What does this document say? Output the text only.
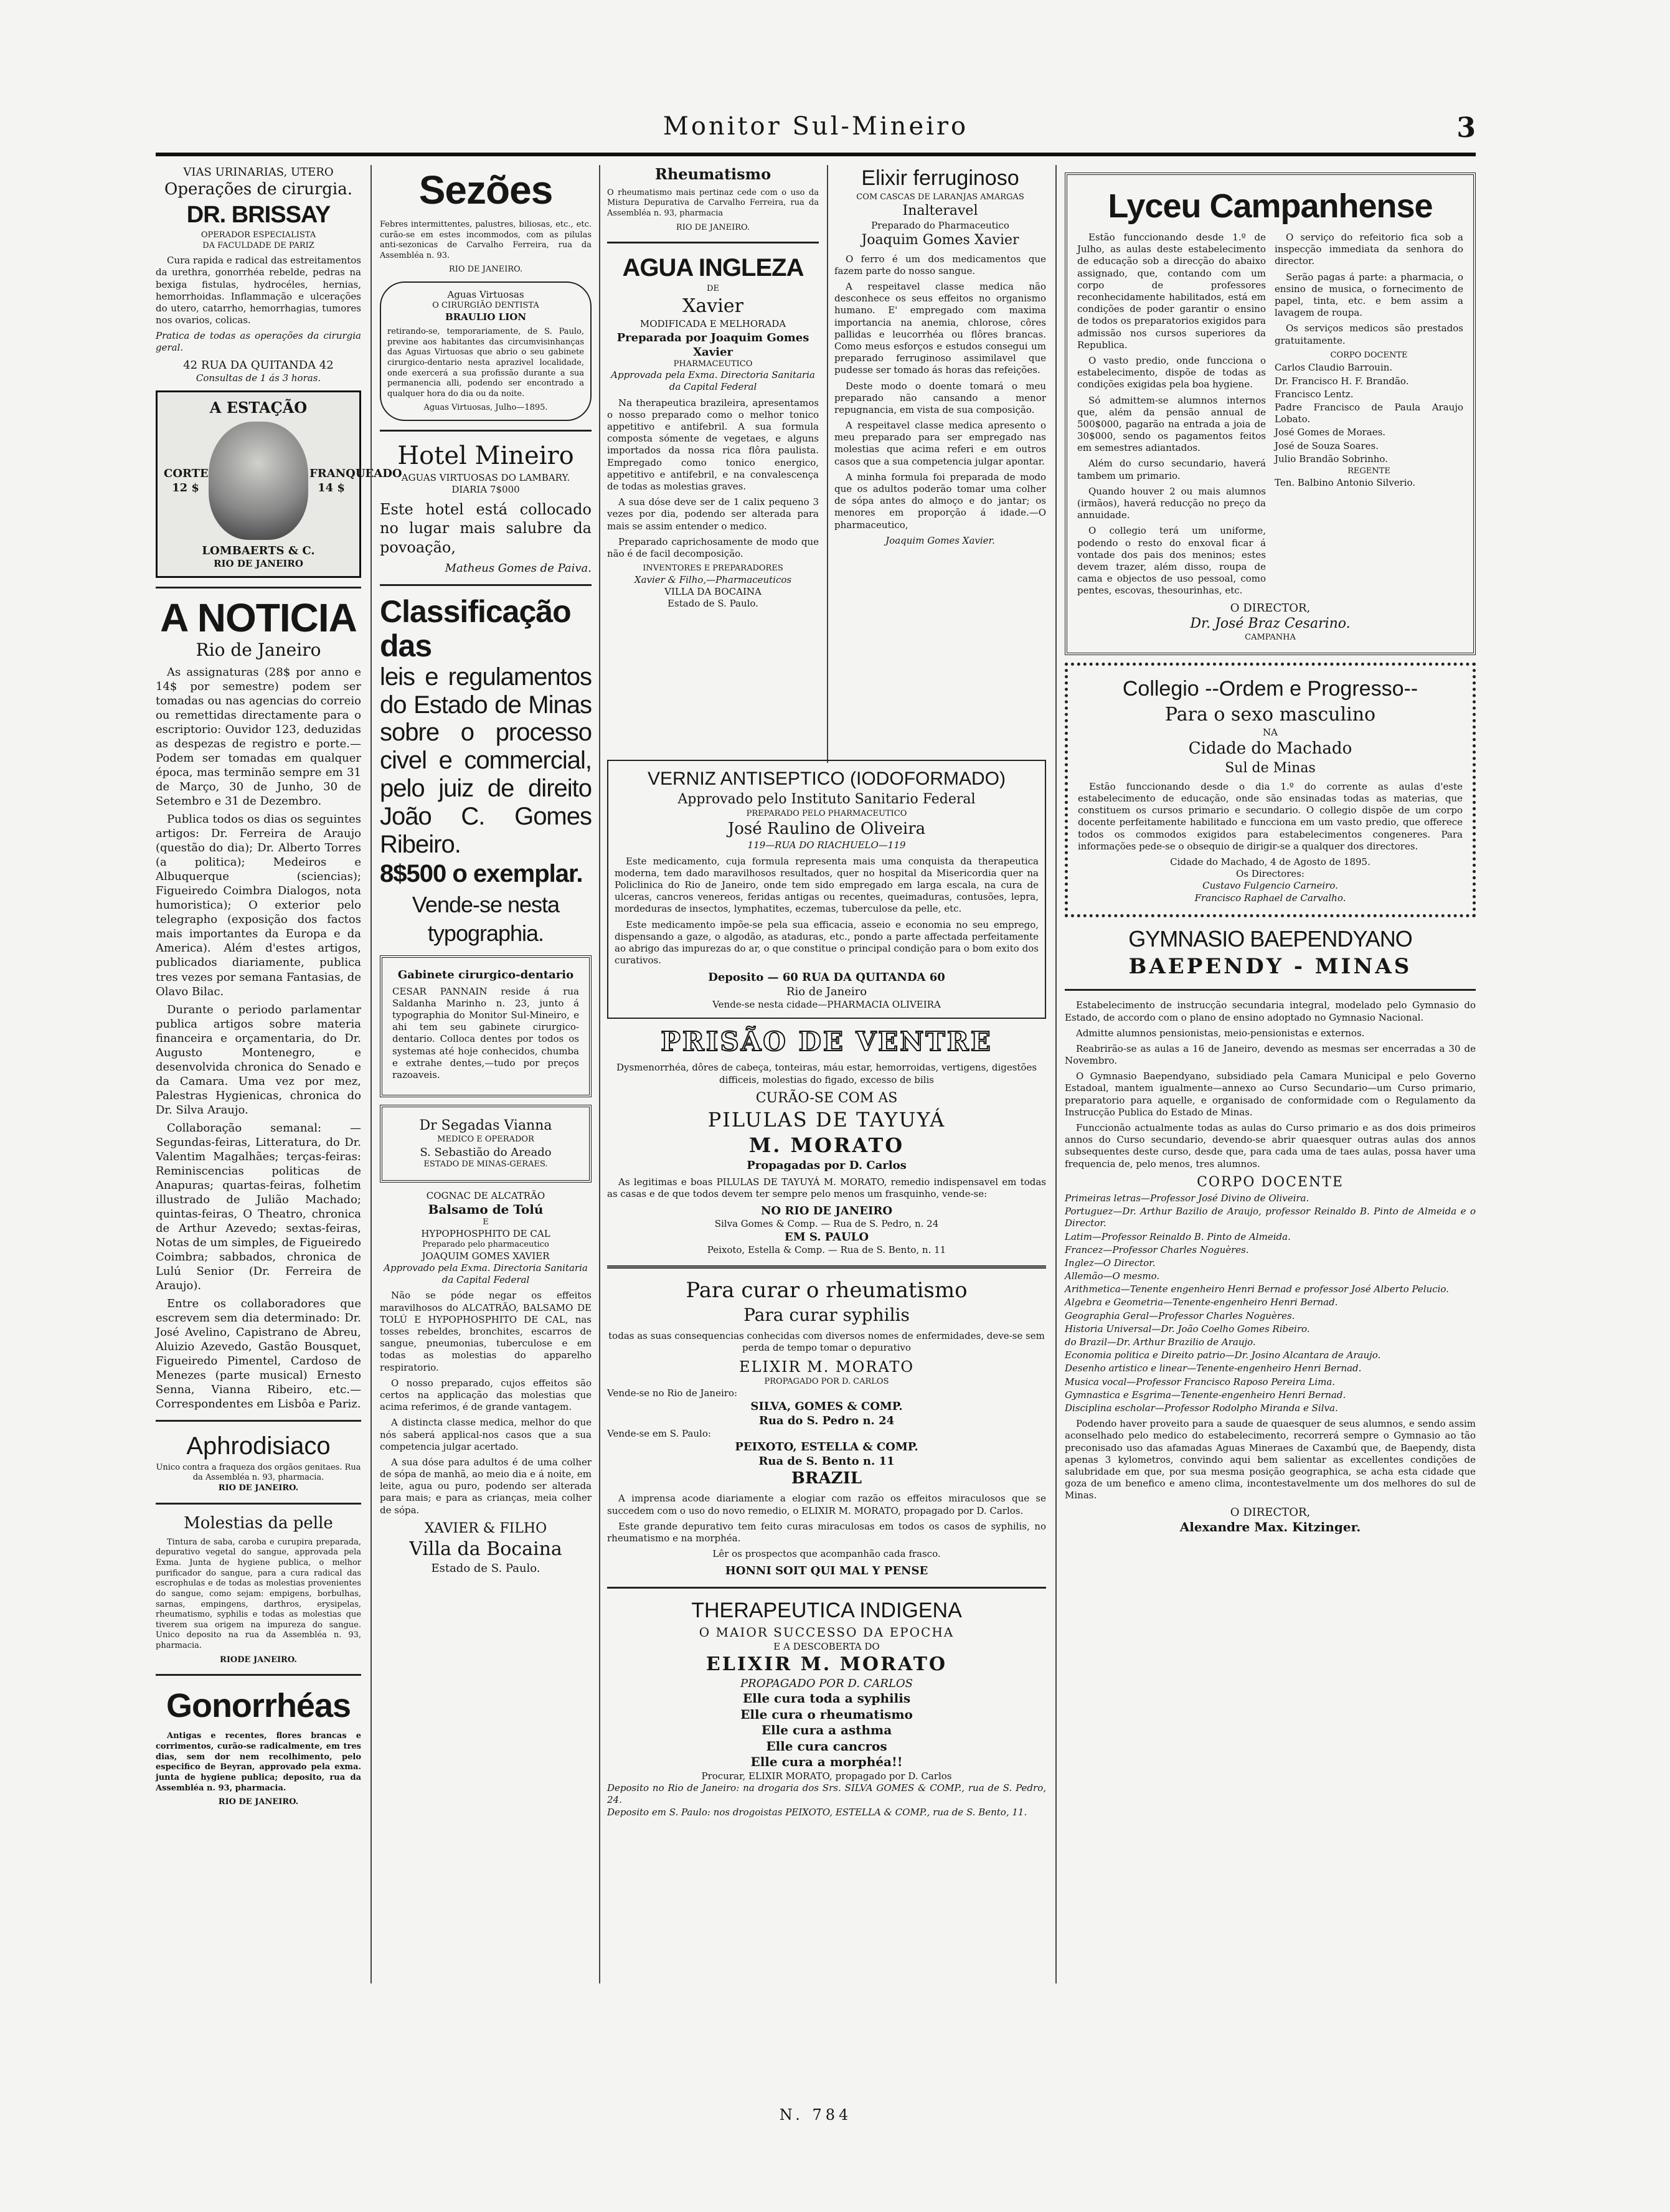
Monitor Sul-Mineiro	3
VIAS URINARIAS, UTERO
Operações de cirurgia.
DR. BRISSAY
OPERADOR ESPECIALISTA
DA FACULDADE DE PARIZ

Cura rapida e radical das estreitamentos da urethra, gonorrhéa rebelde, pedras na bexiga fistulas, hydrocéles, hernias, hemorrhoidas. Inflammação e ulcerações do utero, catarrho, hemorrhagias, tumores nos ovarios, colicas.

Pratica de todas as operações da cirurgia geral.

42 RUA DA QUITANDA 42
Consultas de 1 ás 3 horas.
A ESTAÇÃO
CORTE 12 $
FRANQUEADO 14 $
LOMBAERTS & C.
RIO DE JANEIRO
A NOTICIA
Rio de Janeiro

As assignaturas (28$ por anno e 14$ por semestre) podem ser tomadas ou nas agencias do correio ou remettidas directamente para o escriptorio: Ouvidor 123, deduzidas as despezas de registro e porte.—Podem ser tomadas em qualquer época, mas terminão sempre em 31 de Março, 30 de Junho, 30 de Setembro e 31 de Dezembro.

Publica todos os dias os seguintes artigos: Dr. Ferreira de Araujo (questão do dia); Dr. Alberto Torres (a politica); Medeiros e Albuquerque (sciencias); Figueiredo Coimbra Dialogos, nota humoristica); O exterior pelo telegrapho (exposição dos factos mais importantes da Europa e da America). Além d'estes artigos, publicados diariamente, publica tres vezes por semana Fantasias, de Olavo Bilac.

Durante o periodo parlamentar publica artigos sobre materia financeira e orçamentaria, do Dr. Augusto Montenegro, e desenvolvida chronica do Senado e da Camara. Uma vez por mez, Palestras Hygienicas, chronica do Dr. Silva Araujo.

Collaboração semanal: — Segundas-feiras, Litteratura, do Dr. Valentim Magalhães; terças-feiras: Reminiscencias politicas de Anapuras; quartas-feiras, folhetim illustrado de Julião Machado; quintas-feiras, O Theatro, chronica de Arthur Azevedo; sextas-feiras, Notas de um simples, de Figueiredo Coimbra; sabbados, chronica de Lulú Senior (Dr. Ferreira de Araujo).

Entre os collaboradores que escrevem sem dia determinado: Dr. José Avelino, Capistrano de Abreu, Aluizio Azevedo, Gastão Bousquet, Figueiredo Pimentel, Cardoso de Menezes (parte musical) Ernesto Senna, Vianna Ribeiro, etc.—Correspondentes em Lisbôa e Pariz.

Aphrodisiaco
Unico contra a fraqueza dos orgãos genitaes. Rua da Assembléa n. 93, pharmacia.
RIO DE JANEIRO.
Molestias da pelle

Tintura de saba, caroba e curupira preparada, depurativo vegetal do sangue, approvada pela Exma. Junta de hygiene publica, o melhor purificador do sangue, para a cura radical das escrophulas e de todas as molestias provenientes do sangue, como sejam: empigens, borbulhas, sarnas, empingens, darthros, erysipelas, rheumatismo, syphilis e todas as molestias que tiverem sua origem na impureza do sangue. Unico deposito na rua da Assembléa n. 93, pharmacia.

RIODE JANEIRO.
Gonorrhéas

Antigas e recentes, flores brancas e corrimentos, curão-se radicalmente, em tres dias, sem dor nem recolhimento, pelo especifico de Beyran, approvado pela exma. junta de hygiene publica; deposito, rua da Assembléa n. 93, pharmacia.

RIO DE JANEIRO.
Sezões

Febres intermittentes, palustres, biliosas, etc., etc. curão-se em estes incommodos, com as pilulas anti-sezonicas de Carvalho Ferreira, rua da Assembléa n. 93.

RIO DE JANEIRO.
Aguas Virtuosas
O CIRURGIÃO DENTISTA
BRAULIO LION

retirando-se, temporariamente, de S. Paulo, previne aos habitantes das circumvisinhanças das Aguas Virtuosas que abrio o seu gabinete cirurgico-dentario nesta aprazivel localidade, onde exercerá a sua profissão durante a sua permanencia alli, podendo ser encontrado a qualquer hora do dia ou da noite.

Aguas Virtuosas, Julho—1895.
Hotel Mineiro
AGUAS VIRTUOSAS DO LAMBARY.
DIARIA 7$000

Este hotel está collocado no lugar mais salubre da povoação,

Matheus Gomes de Paiva.
Classificação das
leis e regulamentos do Estado de Minas sobre o processo civel e commercial, pelo juiz de direito João C. Gomes Ribeiro.
8$500 o exemplar.
Vende-se nesta typographia.
Gabinete cirurgico-dentario

CESAR PANNAIN reside á rua Saldanha Marinho n. 23, junto á typographia do Monitor Sul-Mineiro, e ahi tem seu gabinete cirurgico-dentario. Colloca dentes por todos os systemas até hoje conhecidos, chumba e extrahe dentes,—tudo por preços razoaveis.

Dr Segadas Vianna
MEDICO E OPERADOR
S. Sebastião do Areado
ESTADO DE MINAS-GERAES.
COGNAC DE ALCATRÃO
Balsamo de Tolú
E
HYPOPHOSPHITO DE CAL
Preparado pelo pharmaceutico
JOAQUIM GOMES XAVIER
Approvado pela Exma. Directoria Sanitaria da Capital Federal

Não se póde negar os effeitos maravilhosos do ALCATRÃO, BALSAMO DE TOLÚ E HYPOPHOSPHITO DE CAL, nas tosses rebeldes, bronchites, escarros de sangue, pneumonias, tuberculose e em todas as molestias do apparelho respiratorio.

O nosso preparado, cujos effeitos são certos na applicação das molestias que acima referimos, é de grande vantagem.

A distincta classe medica, melhor do que nós saberá applical-nos casos que a sua competencia julgar acertado.

A sua dóse para adultos é de uma colher de sópa de manhã, ao meio dia e á noite, em leite, agua ou puro, podendo ser alterada para mais; e para as crianças, meia colher de sópa.

XAVIER & FILHO
Villa da Bocaina
Estado de S. Paulo.
Rheumatismo

O rheumatismo mais pertinaz cede com o uso da Mistura Depurativa de Carvalho Ferreira, rua da Assembléa n. 93, pharmacia

RIO DE JANEIRO.
AGUA INGLEZA
DE
Xavier
MODIFICADA E MELHORADA
Preparada por Joaquim Gomes Xavier
PHARMACEUTICO
Approvada pela Exma. Directoria Sanitaria da Capital Federal

Na therapeutica brazileira, apresentamos o nosso preparado como o melhor tonico appetitivo e antifebril. A sua formula composta sómente de vegetaes, e alguns importados da nossa rica flôra paulista. Empregado como tonico energico, appetitivo e antifebril, e na convalescença de todas as molestias graves.

A sua dóse deve ser de 1 calix pequeno 3 vezes por dia, podendo ser alterada para mais se assim entender o medico.

Preparado caprichosamente de modo que não é de facil decomposição.

INVENTORES E PREPARADORES
Xavier & Filho,—Pharmaceuticos
VILLA DA BOCAINA
Estado de S. Paulo.
Elixir ferruginoso
COM CASCAS DE LARANJAS AMARGAS
Inalteravel
Preparado do Pharmaceutico
Joaquim Gomes Xavier

O ferro é um dos medicamentos que fazem parte do nosso sangue.

A respeitavel classe medica não desconhece os seus effeitos no organismo humano. E' empregado com maxima importancia na anemia, chlorose, côres pallidas e leucorrhéa ou flôres brancas. Como meus esforços e estudos consegui um preparado ferruginoso assimilavel que pudesse ser tomado ás horas das refeições.

Deste modo o doente tomará o meu preparado não cansando a menor repugnancia, em vista de sua composição.

A respeitavel classe medica apresento o meu preparado para ser empregado nas molestias que acima referi e em outros casos que a sua competencia julgar apontar.

A minha formula foi preparada de modo que os adultos poderão tomar uma colher de sópa antes do almoço e do jantar; os menores em proporção á idade.—O pharmaceutico,

Joaquim Gomes Xavier.
VERNIZ ANTISEPTICO (IODOFORMADO)
Approvado pelo Instituto Sanitario Federal
PREPARADO PELO PHARMACEUTICO
José Raulino de Oliveira
119—RUA DO RIACHUELO—119

Este medicamento, cuja formula representa mais uma conquista da therapeutica moderna, tem dado maravilhosos resultados, quer no hospital da Misericordia quer na Policlinica do Rio de Janeiro, onde tem sido empregado em larga escala, na cura de ulceras, cancros venereos, feridas antigas ou recentes, queimaduras, contusões, lepra, mordeduras de insectos, lymphatites, eczemas, tuberculose da pelle, etc.

Este medicamento impõe-se pela sua efficacia, asseio e economia no seu emprego, dispensando a gaze, o algodão, as ataduras, etc., pondo a parte affectada perfeitamente ao abrigo das impurezas do ar, o que constitue o principal condição para o bom exito dos curativos.

Deposito — 60 RUA DA QUITANDA 60
Rio de Janeiro
Vende-se nesta cidade—PHARMACIA OLIVEIRA
PRISÃO DE VENTRE

Dysmenorrhéa, dôres de cabeça, tonteiras, máu estar, hemorroidas, vertigens, digestões difficeis, molestias do figado, excesso de bilis

CURÃO-SE COM AS
PILULAS DE TAYUYÁ
M. MORATO
Propagadas por D. Carlos

As legitimas e boas PILULAS DE TAYUYÁ M. MORATO, remedio indispensavel em todas as casas e de que todos devem ter sempre pelo menos um frasquinho, vende-se:

NO RIO DE JANEIRO
Silva Gomes & Comp. — Rua de S. Pedro, n. 24
EM S. PAULO
Peixoto, Estella & Comp. — Rua de S. Bento, n. 11
Para curar o rheumatismo
Para curar syphilis

todas as suas consequencias conhecidas com diversos nomes de enfermidades, deve-se sem perda de tempo tomar o depurativo

ELIXIR M. MORATO
PROPAGADO POR D. CARLOS
Vende-se no Rio de Janeiro:
SILVA, GOMES & COMP.
Rua do S. Pedro n. 24
Vende-se em S. Paulo:
PEIXOTO, ESTELLA & COMP.
Rua de S. Bento n. 11
BRAZIL

A imprensa acode diariamente a elogiar com razão os effeitos miraculosos que se succedem com o uso do novo remedio, o ELIXIR M. MORATO, propagado por D. Carlos.

Este grande depurativo tem feito curas miraculosas em todos os casos de syphilis, no rheumatismo e na morphéa.

Lêr os prospectos que acompanhão cada frasco.

HONNI SOIT QUI MAL Y PENSE
THERAPEUTICA INDIGENA
O MAIOR SUCCESSO DA EPOCHA
E A DESCOBERTA DO
ELIXIR M. MORATO
PROPAGADO POR D. CARLOS
Elle cura toda a syphilis
Elle cura o rheumatismo
Elle cura a asthma
Elle cura cancros
Elle cura a morphéa!!
Procurar, ELIXIR MORATO, propagado por D. Carlos
Deposito no Rio de Janeiro: na drogaria dos Srs. SILVA GOMES & COMP., rua de S. Pedro, 24.
Deposito em S. Paulo: nos drogoistas PEIXOTO, ESTELLA & COMP., rua de S. Bento, 11.
Lyceu Campanhense

Estão funccionando desde 1.º de Julho, as aulas deste estabelecimento de educação sob a direcção do abaixo assignado, que, contando com um corpo de professores reconhecidamente habilitados, está em condições de poder garantir o ensino de todos os preparatorios exigidos para admissão nos cursos superiores da Republica.

O vasto predio, onde funcciona o estabelecimento, dispõe de todas as condições exigidas pela boa hygiene.

Só admittem-se alumnos internos que, além da pensão annual de 500$000, pagarão na entrada a joia de 30$000, sendo os pagamentos feitos em semestres adiantados.

Além do curso secundario, haverá tambem um primario.

Quando houver 2 ou mais alumnos (irmãos), haverá reducção no preço da annuidade.

O collegio terá um uniforme, podendo o resto do enxoval ficar á vontade dos pais dos meninos; estes devem trazer, além disso, roupa de cama e objectos de uso pessoal, como pentes, escovas, thesourinhas, etc.

O serviço do refeitorio fica sob a inspecção immediata da senhora do director.

Serão pagas á parte: a pharmacia, o ensino de musica, o fornecimento de papel, tinta, etc. e bem assim a lavagem de roupa.

Os serviços medicos são prestados gratuitamente.

CORPO DOCENTE
Carlos Claudio Barrouin.
Dr. Francisco H. F. Brandão.
Francisco Lentz.
Padre Francisco de Paula Araujo Lobato.
José Gomes de Moraes.
José de Souza Soares.
Julio Brandão Sobrinho.
REGENTE
Ten. Balbino Antonio Silverio.
O DIRECTOR,
Dr. José Braz Cesarino.
CAMPANHA
Collegio --Ordem e Progresso--
Para o sexo masculino
NA
Cidade do Machado
Sul de Minas

Estão funccionando desde o dia 1.º do corrente as aulas d'este estabelecimento de educação, onde são ensinadas todas as materias, que constituem os cursos primario e secundario. O collegio dispõe de um corpo docente perfeitamente habilitado e funcciona em um vasto predio, que offerece todos os commodos exigidos para estabelecimentos congeneres. Para informações pede-se o obsequio de dirigir-se a qualquer dos directores.

Cidade do Machado, 4 de Agosto de 1895.
Os Directores:
Custavo Fulgencio Carneiro.
Francisco Raphael de Carvalho.
GYMNASIO BAEPENDYANO
BAEPENDY - MINAS

Estabelecimento de instrucção secundaria integral, modelado pelo Gymnasio do Estado, de accordo com o plano de ensino adoptado no Gymnasio Nacional.

Admitte alumnos pensionistas, meio-pensionistas e externos.

Reabrirão-se as aulas a 16 de Janeiro, devendo as mesmas ser encerradas a 30 de Novembro.

O Gymnasio Baependyano, subsidiado pela Camara Municipal e pelo Governo Estadoal, mantem igualmente—annexo ao Curso Secundario—um Curso primario, preparatorio para aquelle, e organisado de conformidade com o Regulamento da Instrucção Publica do Estado de Minas.

Funccionão actualmente todas as aulas do Curso primario e as dos dois primeiros annos do Curso secundario, devendo-se abrir quaesquer outras aulas dos annos subsequentes deste curso, desde que, para cada uma de taes aulas, possa haver uma frequencia de, pelo menos, tres alumnos.

CORPO DOCENTE
Primeiras letras—Professor José Divino de Oliveira.
Portuguez—Dr. Arthur Bazilio de Araujo, professor Reinaldo B. Pinto de Almeida e o Director.
Latim—Professor Reinaldo B. Pinto de Almeida.
Francez—Professor Charles Noguères.
Inglez—O Director.
Allemão—O mesmo.
Arithmetica—Tenente engenheiro Henri Bernad e professor José Alberto Pelucio.
Algebra e Geometria—Tenente-engenheiro Henri Bernad.
Geographia Geral—Professor Charles Noguères.
Historia Universal—Dr. João Coelho Gomes Ribeiro.
do Brazil—Dr. Arthur Brazilio de Araujo.
Economia politica e Direito patrio—Dr. Josino Alcantara de Araujo.
Desenho artistico e linear—Tenente-engenheiro Henri Bernad.
Musica vocal—Professor Francisco Raposo Pereira Lima.
Gymnastica e Esgrima—Tenente-engenheiro Henri Bernad.
Disciplina escholar—Professor Rodolpho Miranda e Silva.

Podendo haver proveito para a saude de quaesquer de seus alumnos, e sendo assim aconselhado pelo medico do estabelecimento, recorrerá sempre o Gymnasio ao tão preconisado uso das afamadas Aguas Mineraes de Caxambú que, de Baependy, dista apenas 3 kylometros, convindo aqui bem salientar as excellentes condições de salubridade em que, por sua mesma posição geographica, se acha esta cidade que goza de um benefico e ameno clima, incontestavelmente um dos melhores do sul de Minas.

O DIRECTOR,
Alexandre Max. Kitzinger.
N. 784
